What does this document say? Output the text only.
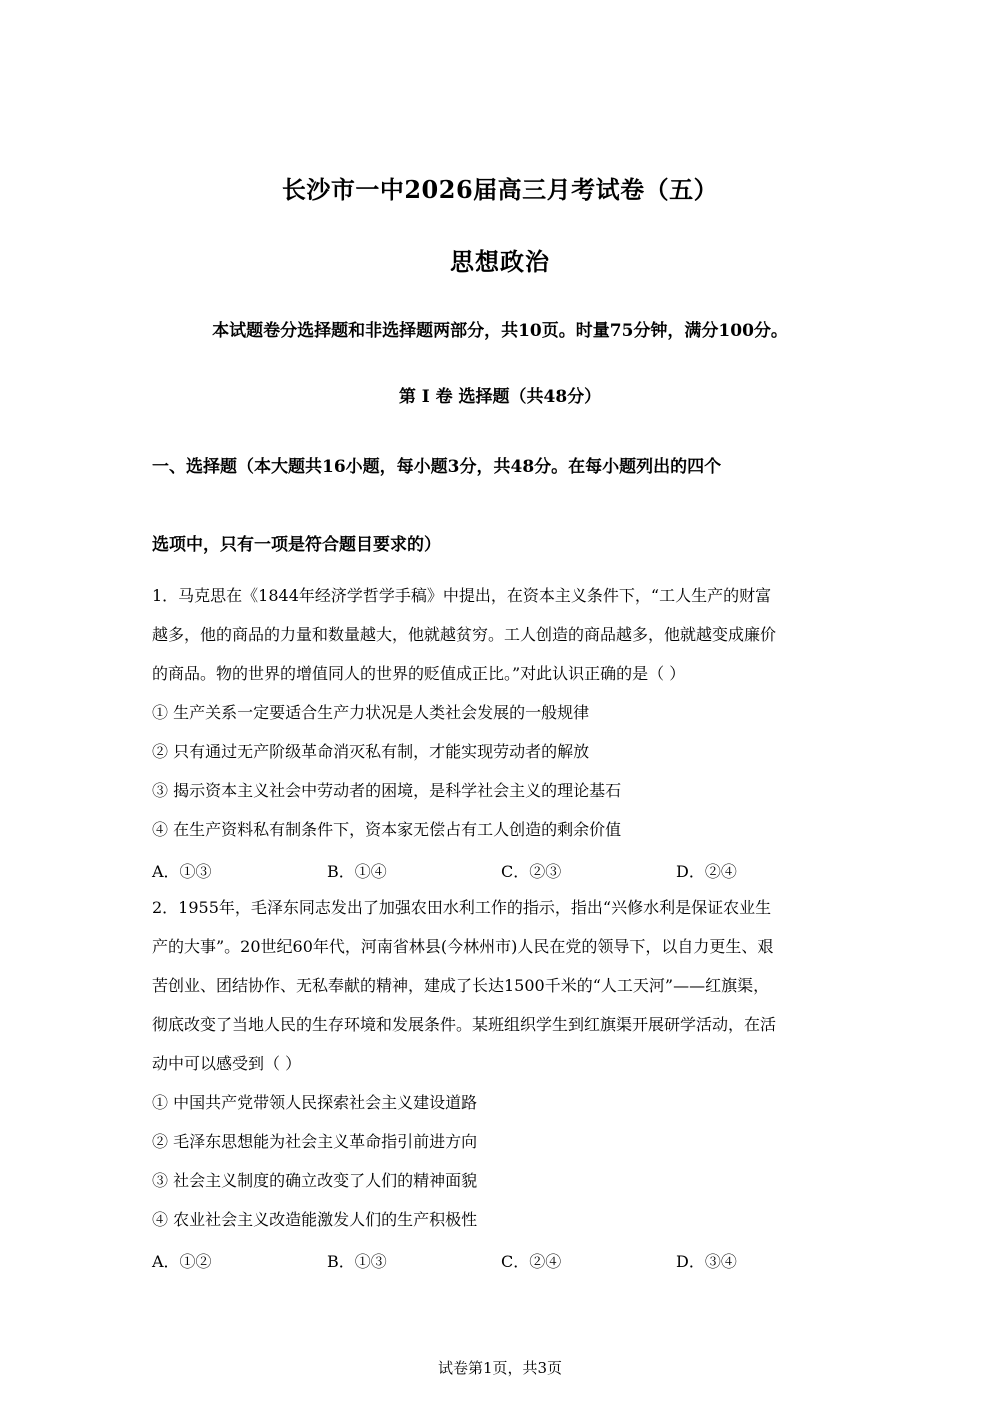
长沙市一中2026届高三月考试卷（五）
思想政治
本试题卷分选择题和非选择题两部分，共10页。时量75分钟，满分100分。
第 I 卷 选择题（共48分）
一、选择题（本大题共16小题，每小题3分，共48分。在每小题列出的四个
选项中，只有一项是符合题目要求的）
1．马克思在《1844年经济学哲学手稿》中提出，在资本主义条件下，“工人生产的财富
越多，他的商品的力量和数量越大，他就越贫穷。工人创造的商品越多，他就越变成廉价
的商品。物的世界的增值同人的世界的贬值成正比。”对此认识正确的是（ ）
① 生产关系一定要适合生产力状况是人类社会发展的一般规律
② 只有通过无产阶级革命消灭私有制，才能实现劳动者的解放
③ 揭示资本主义社会中劳动者的困境，是科学社会主义的理论基石
④ 在生产资料私有制条件下，资本家无偿占有工人创造的剩余价值
A．①③	B．①④	C．②③	D．②④
2．1955年，毛泽东同志发出了加强农田水利工作的指示，指出“兴修水利是保证农业生
产的大事”。20世纪60年代，河南省林县(今林州市)人民在党的领导下，以自力更生、艰
苦创业、团结协作、无私奉献的精神，建成了长达1500千米的“人工天河”——红旗渠，
彻底改变了当地人民的生存环境和发展条件。某班组织学生到红旗渠开展研学活动，在活
动中可以感受到（ ）
① 中国共产党带领人民探索社会主义建设道路
② 毛泽东思想能为社会主义革命指引前进方向
③ 社会主义制度的确立改变了人们的精神面貌
④ 农业社会主义改造能激发人们的生产积极性
A．①②	B．①③	C．②④	D．③④
试卷第1页，共3页
